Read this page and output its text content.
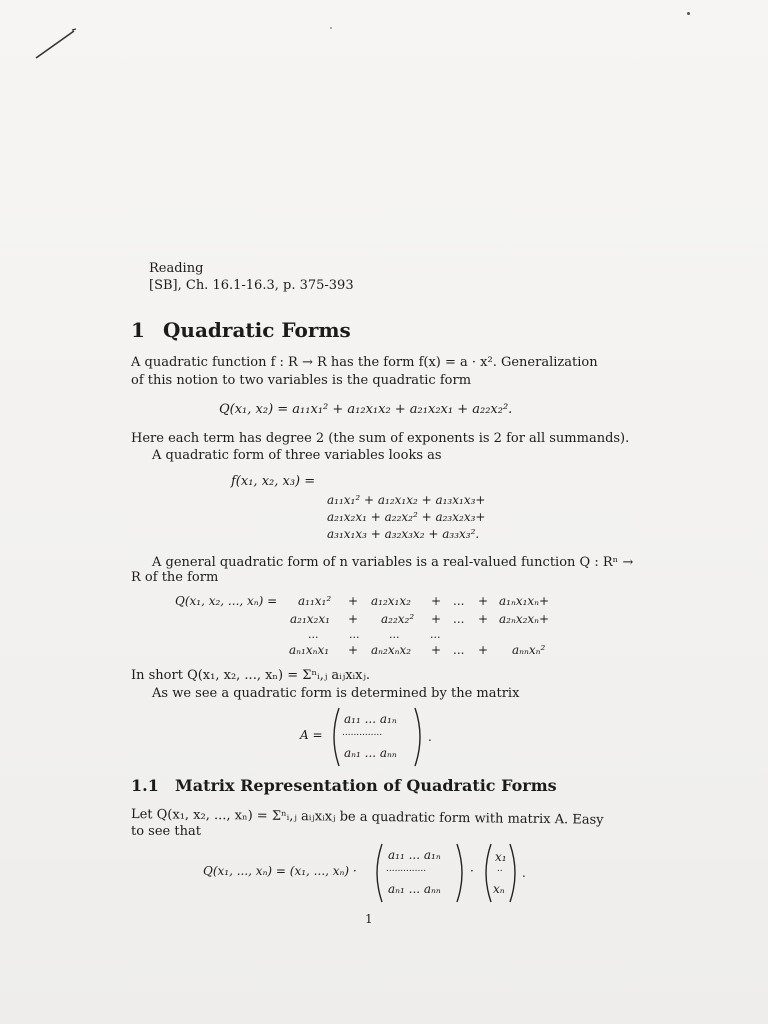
Reading
[SB], Ch. 16.1-16.3, p. 375-393
1 Quadratic Forms
A quadratic function f : R → R has the form f(x) = a · x². Generalization
of this notion to two variables is the quadratic form
Q(x₁, x₂) = a₁₁x₁² + a₁₂x₁x₂ + a₂₁x₂x₁ + a₂₂x₂².
Here each term has degree 2 (the sum of exponents is 2 for all summands).
A quadratic form of three variables looks as
f(x₁, x₂, x₃) =
a₁₁x₁² + a₁₂x₁x₂ + a₁₃x₁x₃+
a₂₁x₂x₁ + a₂₂x₂² + a₂₃x₂x₃+
a₃₁x₁x₃ + a₃₂x₃x₂ + a₃₃x₃².
A general quadratic form of n variables is a real-valued function Q : Rⁿ →
R of the form
Q(x₁, x₂, ..., xₙ) = a₁₁x₁² + a₁₂x₁x₂ + ... + a₁ₙx₁xₙ+
a₂₁x₂x₁ + a₂₂x₂² + ... + a₂ₙx₂xₙ+
...	...	...	...
aₙ₁xₙx₁ + aₙ₂xₙx₂ + ... + aₙₙxₙ²
In short Q(x₁, x₂, ..., xₙ) = Σⁿᵢ,ⱼ aᵢⱼxᵢxⱼ.
As we see a quadratic form is determined by the matrix
A =
a₁₁ ... a₁ₙ
..............
aₙ₁ ... aₙₙ
.
1.1 Matrix Representation of Quadratic Forms
Let Q(x₁, x₂, ..., xₙ) = Σⁿᵢ,ⱼ aᵢⱼxᵢxⱼ be a quadratic form with matrix A. Easy
to see that
Q(x₁, ..., xₙ) = (x₁, ..., xₙ) ·
a₁₁ ... a₁ₙ
..............
aₙ₁ ... aₙₙ
·
x₁
..
xₙ
.
1
